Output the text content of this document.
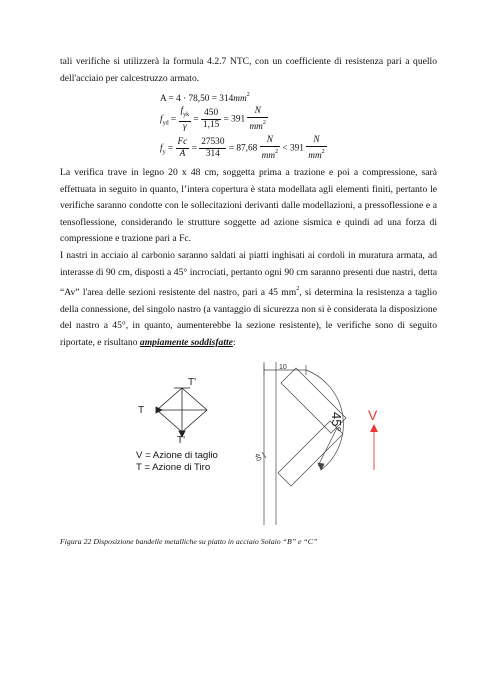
tali verifiche si utilizzerà la formula 4.2.7 NTC, con un coefficiente di resistenza pari a quello dell'acciaio per calcestruzzo armato.

$A = 4 \cdot 78,50 = 314mm^2$
$f_{yd} = \frac{f_{yk}}{\gamma} = \frac{450}{1,15} = 391 \frac{N}{mm^2}$
$f_y = \frac{Fc}{A} = \frac{27530}{314} = 87,68 \frac{N}{mm^2} < 391 \frac{N}{mm^2}$

La verifica trave in legno 20 x 48 cm, soggetta prima a trazione e poi a compressione, sarà effettuata in seguito in quanto, l’intera copertura è stata modellata agli elementi finiti, pertanto le verifiche saranno condotte con le sollecitazioni derivanti dalle modellazioni, a pressoflessione e a tensoflessione, considerando le strutture soggette ad azione sismica e quindi ad una forza di compressione e trazione pari a Fc.

I nastri in acciaio al carbonio saranno saldati ai piatti inghisati ai cordoli in muratura armata, ad interasse di 90 cm, disposti a 45° incrociati, pertanto ogni 90 cm saranno presenti due nastri, detta “Av” l'area delle sezioni resistente del nastro, pari a 45 $mm^2$, si determina la resistenza a taglio della connessione, del singolo nastro (a vantaggio di sicurezza non si è considerata la disposizione del nastro a 45°, in quanto, aumenterebbe la sezione resistente), le verifiche sono di seguito riportate, e risultano ampiamente soddisfatte:

T
T'
T'
10
40
45° V
V = Azione di taglio
T = Azione di Tiro
Figura 22 Disposizione bandelle metalliche su piatto in acciaio Solaio “B” e “C”
